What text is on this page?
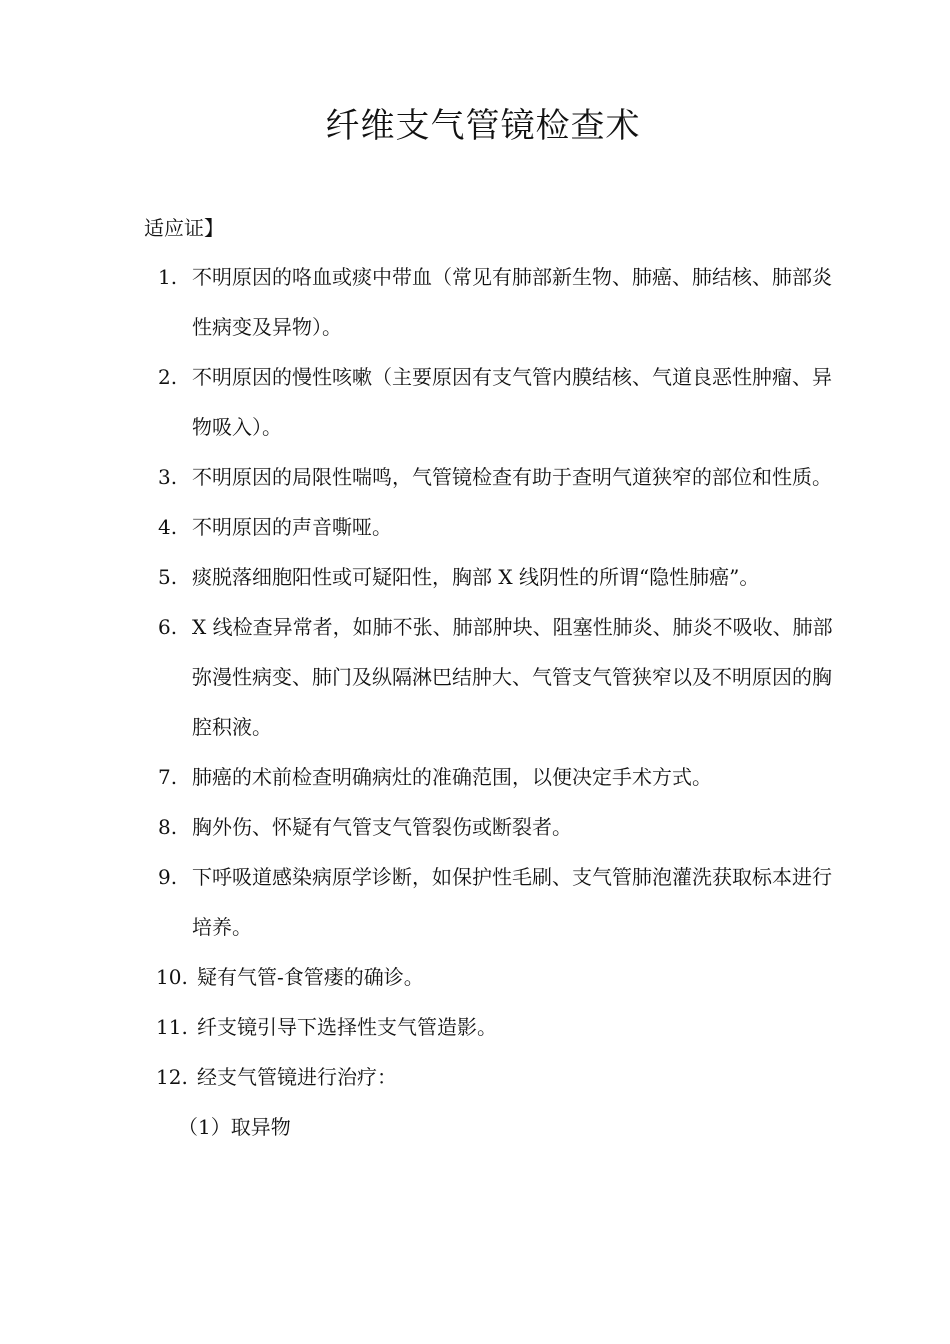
纤维支气管镜检查术

适应证】

1. 不明原因的咯血或痰中带血（常见有肺部新生物、肺癌、肺结核、肺部炎性病变及异物）。
2. 不明原因的慢性咳嗽（主要原因有支气管内膜结核、气道良恶性肿瘤、异物吸入）。
3. 不明原因的局限性喘鸣，气管镜检查有助于查明气道狭窄的部位和性质。
4. 不明原因的声音嘶哑。
5. 痰脱落细胞阳性或可疑阳性，胸部 X 线阴性的所谓“隐性肺癌”。
6. X 线检查异常者，如肺不张、肺部肿块、阻塞性肺炎、肺炎不吸收、肺部弥漫性病变、肺门及纵隔淋巴结肿大、气管支气管狭窄以及不明原因的胸腔积液。
7. 肺癌的术前检查明确病灶的准确范围，以便决定手术方式。
8. 胸外伤、怀疑有气管支气管裂伤或断裂者。
9. 下呼吸道感染病原学诊断，如保护性毛刷、支气管肺泡灌洗获取标本进行培养。
10. 疑有气管-食管瘘的确诊。
11. 纤支镜引导下选择性支气管造影。
12. 经支气管镜进行治疗：
（1）取异物
